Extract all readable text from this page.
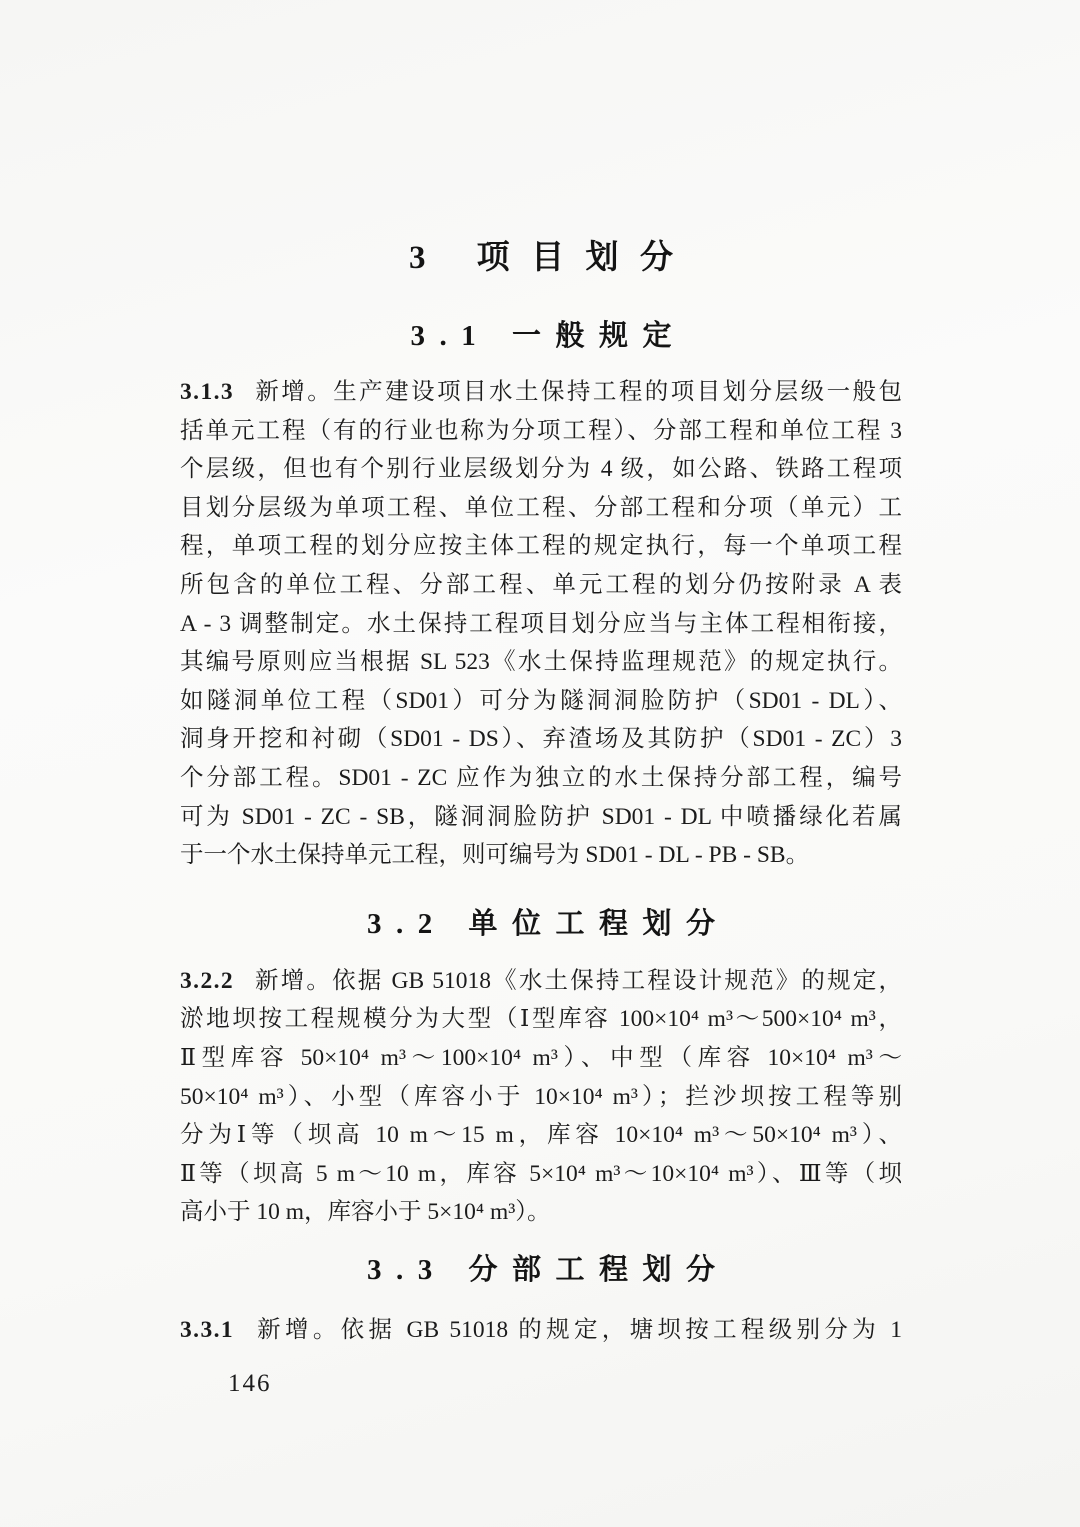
3 项目划分
3.1 一般规定
3.1.3 新增。生产建设项目水土保持工程的项目划分层级一般包
括单元工程（有的行业也称为分项工程）、分部工程和单位工程 3
个层级，但也有个别行业层级划分为 4 级，如公路、铁路工程项
目划分层级为单项工程、单位工程、分部工程和分项（单元）工
程，单项工程的划分应按主体工程的规定执行，每一个单项工程
所包含的单位工程、分部工程、单元工程的划分仍按附录 A 表
A - 3 调整制定。水土保持工程项目划分应当与主体工程相衔接，
其编号原则应当根据 SL 523《水土保持监理规范》的规定执行。
如隧洞单位工程（SD01）可分为隧洞洞脸防护（SD01 - DL）、
洞身开挖和衬砌（SD01 - DS）、弃渣场及其防护（SD01 - ZC）3
个分部工程。SD01 - ZC 应作为独立的水土保持分部工程，编号
可为 SD01 - ZC - SB，隧洞洞脸防护 SD01 - DL 中喷播绿化若属
于一个水土保持单元工程，则可编号为 SD01 - DL - PB - SB。
3.2 单位工程划分
3.2.2 新增。依据 GB 51018《水土保持工程设计规范》的规定，
淤地坝按工程规模分为大型（Ⅰ型库容 100×10⁴ m³～500×10⁴ m³，
Ⅱ型库容 50×10⁴ m³～100×10⁴ m³）、中型（库容 10×10⁴ m³～
50×10⁴ m³）、小型（库容小于 10×10⁴ m³）；拦沙坝按工程等别
分为Ⅰ等（坝高 10 m～15 m，库容 10×10⁴ m³～50×10⁴ m³）、
Ⅱ等（坝高 5 m～10 m，库容 5×10⁴ m³～10×10⁴ m³）、Ⅲ等（坝
高小于 10 m，库容小于 5×10⁴ m³）。
3.3 分部工程划分
3.3.1 新增。依据 GB 51018 的规定，塘坝按工程级别分为 1
146
